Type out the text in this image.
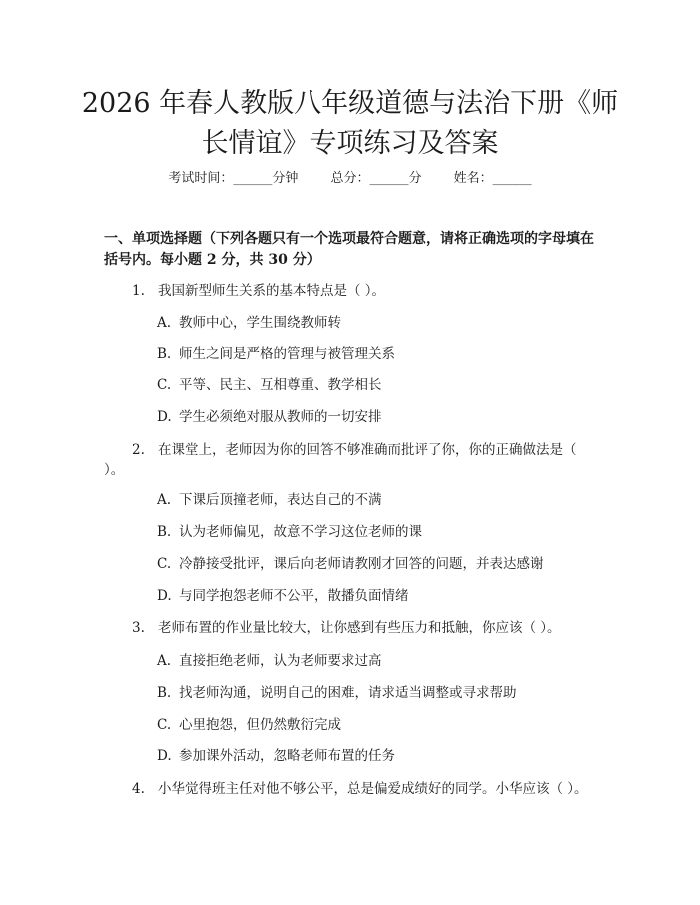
2026 年春人教版八年级道德与法治下册《师
长情谊》专项练习及答案
考试时间：______分钟 总分：______分 姓名：______

一、单项选择题（下列各题只有一个选项最符合题意，请将正确选项的字母填在括号内。每小题 2 分，共 30 分）

1. 我国新型师生关系的基本特点是（ ）。

A. 教师中心，学生围绕教师转

B. 师生之间是严格的管理与被管理关系

C. 平等、民主、互相尊重、教学相长

D. 学生必须绝对服从教师的一切安排

2. 在课堂上，老师因为你的回答不够准确而批评了你，你的正确做法是（ ）。

A. 下课后顶撞老师，表达自己的不满

B. 认为老师偏见，故意不学习这位老师的课

C. 冷静接受批评，课后向老师请教刚才回答的问题，并表达感谢

D. 与同学抱怨老师不公平，散播负面情绪

3. 老师布置的作业量比较大，让你感到有些压力和抵触，你应该（ ）。

A. 直接拒绝老师，认为老师要求过高

B. 找老师沟通，说明自己的困难，请求适当调整或寻求帮助

C. 心里抱怨，但仍然敷衍完成

D. 参加课外活动，忽略老师布置的任务

4. 小华觉得班主任对他不够公平，总是偏爱成绩好的同学。小华应该（ ）。
